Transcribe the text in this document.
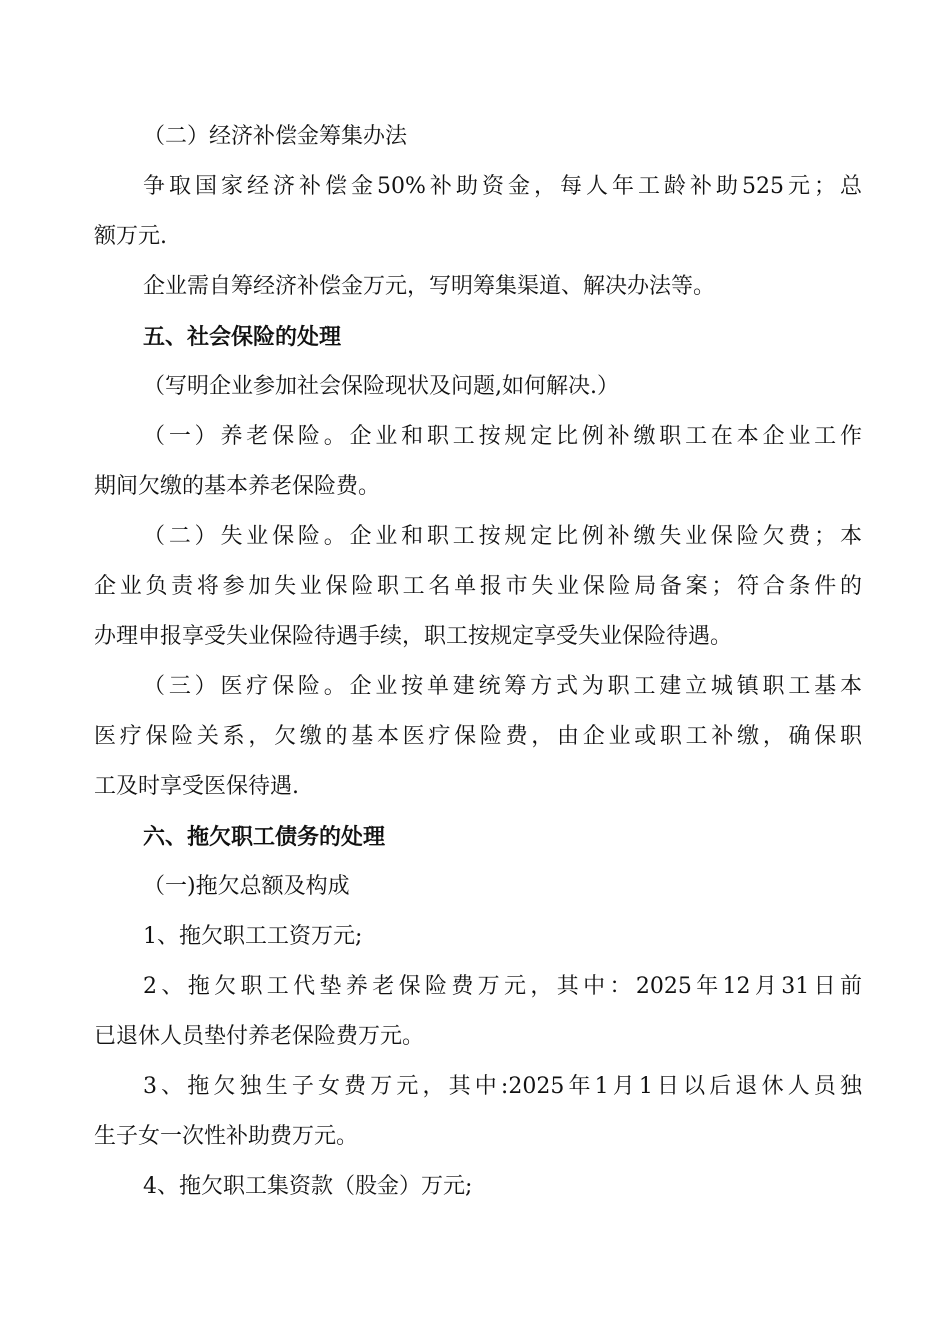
（二）经济补偿金筹集办法
争取国家经济补偿金50%补助资金，每人年工龄补助525元；总
额万元.
企业需自筹经济补偿金万元，写明筹集渠道、解决办法等。
五、社会保险的处理
（写明企业参加社会保险现状及问题,如何解决.）
（一）养老保险。企业和职工按规定比例补缴职工在本企业工作
期间欠缴的基本养老保险费。
（二）失业保险。企业和职工按规定比例补缴失业保险欠费；本
企业负责将参加失业保险职工名单报市失业保险局备案；符合条件的
办理申报享受失业保险待遇手续，职工按规定享受失业保险待遇。
（三）医疗保险。企业按单建统筹方式为职工建立城镇职工基本
医疗保险关系，欠缴的基本医疗保险费，由企业或职工补缴，确保职
工及时享受医保待遇.
六、拖欠职工债务的处理
（一)拖欠总额及构成
1、拖欠职工工资万元;
2、拖欠职工代垫养老保险费万元，其中：2025年12月31日前
已退休人员垫付养老保险费万元。
3、拖欠独生子女费万元，其中:2025年1月1日以后退休人员独
生子女一次性补助费万元。
4、拖欠职工集资款（股金）万元;
